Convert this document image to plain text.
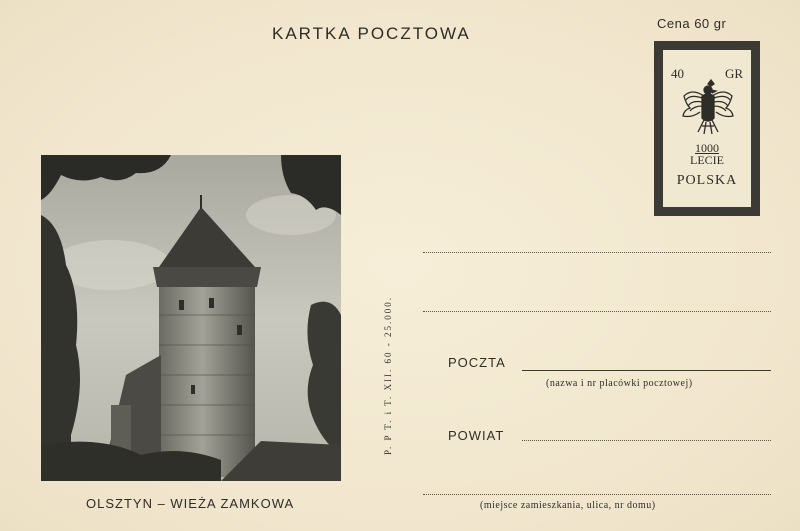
KARTKA POCZTOWA
Cena 60 gr
40	GR
1000
LECIE
POLSKA
OLSZTYN – WIEŻA ZAMKOWA
P. P T. i T. XII. 60 - 25.000.	POCZTA
(nazwa i nr placówki pocztowej)
POWIAT
(miejsce zamieszkania, ulica, nr domu)
